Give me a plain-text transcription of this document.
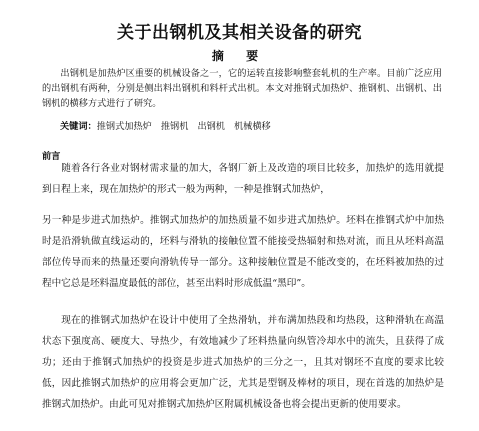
关于出钢机及其相关设备的研究
摘 要

出钢机是加热炉区重要的机械设备之一，它的运转直接影响整套轧机的生产率。目前广泛应用的出钢机有两种，分别是侧出料出钢机和料杆式出机。本文对推钢式加热炉、推钢机、出钢机、出钢机的横移方式进行了研究。

关键词：推钢式加热炉 推钢机 出钢机 机械横移

前言

随着各行各业对钢材需求量的加大，各钢厂新上及改造的项目比较多，加热炉的选用就提到日程上来，现在加热炉的形式一般为两种，一种是推钢式加热炉，

另一种是步进式加热炉。推钢式加热炉的加热质量不如步进式加热炉。坯料在推钢式炉中加热时是沿滑轨做直线运动的，坯料与滑轨的接触位置不能接受热辐射和热对流，而且从坯料高温部位传导而来的热量还要向滑轨传导一部分。这种接触位置是不能改变的，在坯料被加热的过程中它总是坯料温度最低的部位，甚至出料时形成低温“黑印”。

现在的推钢式加热炉在设计中使用了全热滑轨，并布满加热段和均热段，这种滑轨在高温状态下强度高、硬度大、导热少，有效地减少了坯料热量向纵管冷却水中的流失，且获得了成功；还由于推钢式加热炉的投资是步进式加热炉的三分之一，且其对钢坯不直度的要求比较低，因此推钢式加热炉的应用将会更加广泛，尤其是型钢及棒材的项目，现在首选的加热炉是推钢式加热炉。由此可见对推钢式加热炉区附属机械设备也将会提出更新的使用要求。
